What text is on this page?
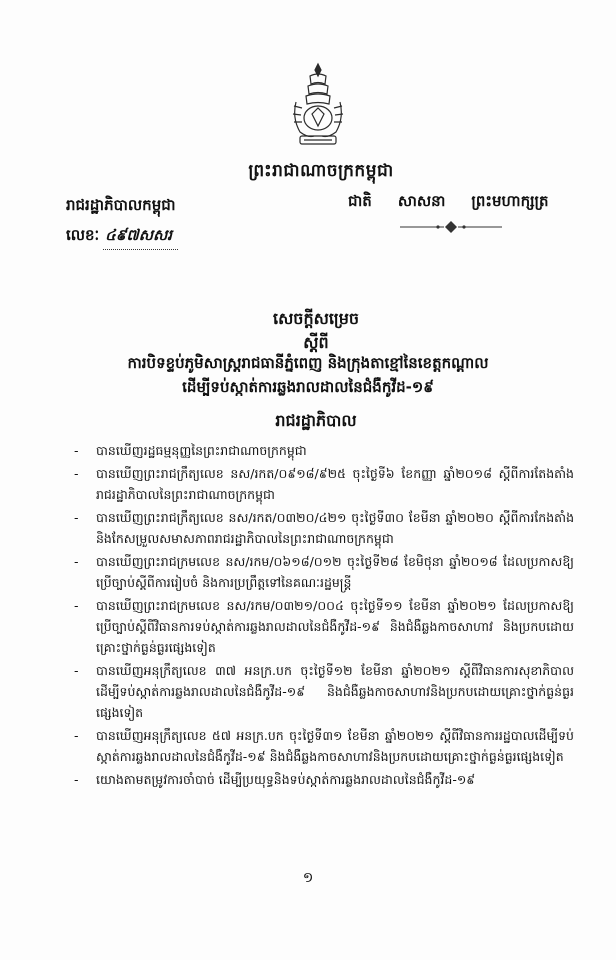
ព្រះរាជាណាចក្រកម្ពុជា
ជាតិ សាសនា ព្រះមហាក្សត្រ
រាជរដ្ឋាភិបាលកម្ពុជា
លេខៈ ៤៩៧សសរ
សេចក្តីសម្រេច
ស្តីពី
ការបិទខ្ទប់ភូមិសាស្ត្ររាជធានីភ្នំពេញ និងក្រុងតាខ្មៅនៃខេត្តកណ្តាល
ដើម្បីទប់ស្កាត់ការឆ្លងរាលដាលនៃជំងឺកូវីដ-១៩
រាជរដ្ឋាភិបាល
- បានឃើញរដ្ឋធម្មនុញ្ញនៃព្រះរាជាណាចក្រកម្ពុជា
- បានឃើញព្រះរាជក្រឹត្យលេខ នស/រកត/០៩១៨/៩២៥ ចុះថ្ងៃទី៦ ខែកញ្ញា ឆ្នាំ២០១៨ ស្តីពីការតែងតាំងរាជរដ្ឋាភិបាលនៃព្រះរាជាណាចក្រកម្ពុជា
- បានឃើញព្រះរាជក្រឹត្យលេខ នស/រកត/០៣២០/៤២១ ចុះថ្ងៃទី៣០ ខែមីនា ឆ្នាំ២០២០ ស្តីពីការកែងតាំង និងកែសម្រួលសមាសភាពរាជរដ្ឋាភិបាលនៃព្រះរាជាណាចក្រកម្ពុជា
- បានឃើញព្រះរាជក្រមលេខ នស/រកម/០៦១៨/០១២ ចុះថ្ងៃទី២៨ ខែមិថុនា ឆ្នាំ២០១៨ ដែលប្រកាសឱ្យប្រើច្បាប់ស្តីពីការរៀបចំ និងការប្រព្រឹត្តទៅនៃគណៈរដ្ឋមន្ត្រី
- បានឃើញព្រះរាជក្រមលេខ នស/រកម/០៣២១/០០៤ ចុះថ្ងៃទី១១ ខែមីនា ឆ្នាំ២០២១ ដែលប្រកាសឱ្យប្រើច្បាប់ស្តីពីវិធានការទប់ស្កាត់ការឆ្លងរាលដាលនៃជំងឺកូវីដ-១៩ និងជំងឺឆ្លងកាចសាហាវ និងប្រកបដោយគ្រោះថ្នាក់ធ្ងន់ធ្ងរផ្សេងទៀត
- បានឃើញអនុក្រឹត្យលេខ ៣៧ អនក្រ.បក ចុះថ្ងៃទី១២ ខែមីនា ឆ្នាំ២០២១ ស្តីពីវិធានការសុខាភិបាលដើម្បីទប់ស្កាត់ការឆ្លងរាលដាលនៃជំងឺកូវីដ-១៩ និងជំងឺឆ្លងកាចសាហាវនិងប្រកបដោយគ្រោះថ្នាក់ធ្ងន់ធ្ងរផ្សេងទៀត
- បានឃើញអនុក្រឹត្យលេខ ៥៧ អនក្រ.បក ចុះថ្ងៃទី៣១ ខែមីនា ឆ្នាំ២០២១ ស្តីពីវិធានការរដ្ឋបាលដើម្បីទប់ស្កាត់ការឆ្លងរាលដាលនៃជំងឺកូវីដ-១៩ និងជំងឺឆ្លងកាចសាហាវនិងប្រកបដោយគ្រោះថ្នាក់ធ្ងន់ធ្ងរផ្សេងទៀត
- យោងតាមតម្រូវការចាំបាច់ ដើម្បីប្រយុទ្ធនិងទប់ស្កាត់ការឆ្លងរាលដាលនៃជំងឺកូវីដ-១៩
១
